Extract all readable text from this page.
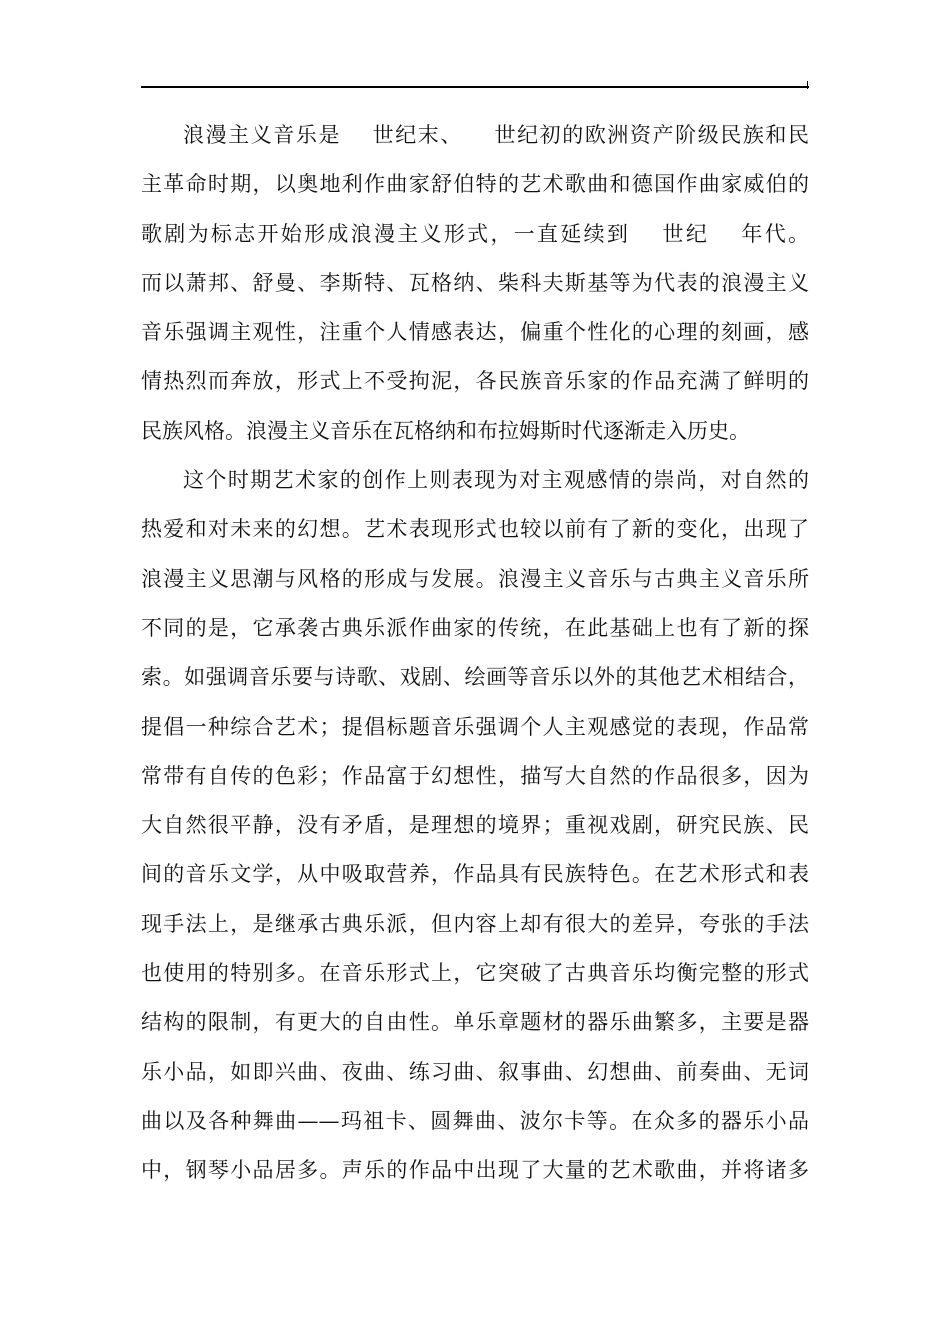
浪漫主义音乐是 世纪末、 世纪初的欧洲资产阶级民族和民
主革命时期，以奥地利作曲家舒伯特的艺术歌曲和德国作曲家威伯的
歌剧为标志开始形成浪漫主义形式，一直延续到 世纪 年代。
而以萧邦、舒曼、李斯特、瓦格纳、柴科夫斯基等为代表的浪漫主义
音乐强调主观性，注重个人情感表达，偏重个性化的心理的刻画，感
情热烈而奔放，形式上不受拘泥，各民族音乐家的作品充满了鲜明的
民族风格。浪漫主义音乐在瓦格纳和布拉姆斯时代逐渐走入历史。
这个时期艺术家的创作上则表现为对主观感情的崇尚，对自然的
热爱和对未来的幻想。艺术表现形式也较以前有了新的变化，出现了
浪漫主义思潮与风格的形成与发展。浪漫主义音乐与古典主义音乐所
不同的是，它承袭古典乐派作曲家的传统，在此基础上也有了新的探
索。如强调音乐要与诗歌、戏剧、绘画等音乐以外的其他艺术相结合，
提倡一种综合艺术；提倡标题音乐强调个人主观感觉的表现，作品常
常带有自传的色彩；作品富于幻想性，描写大自然的作品很多，因为
大自然很平静，没有矛盾，是理想的境界；重视戏剧，研究民族、民
间的音乐文学，从中吸取营养，作品具有民族特色。在艺术形式和表
现手法上，是继承古典乐派，但内容上却有很大的差异，夸张的手法
也使用的特别多。在音乐形式上，它突破了古典音乐均衡完整的形式
结构的限制，有更大的自由性。单乐章题材的器乐曲繁多，主要是器
乐小品，如即兴曲、夜曲、练习曲、叙事曲、幻想曲、前奏曲、无词
曲以及各种舞曲——玛祖卡、圆舞曲、波尔卡等。在众多的器乐小品
中，钢琴小品居多。声乐的作品中出现了大量的艺术歌曲，并将诸多
